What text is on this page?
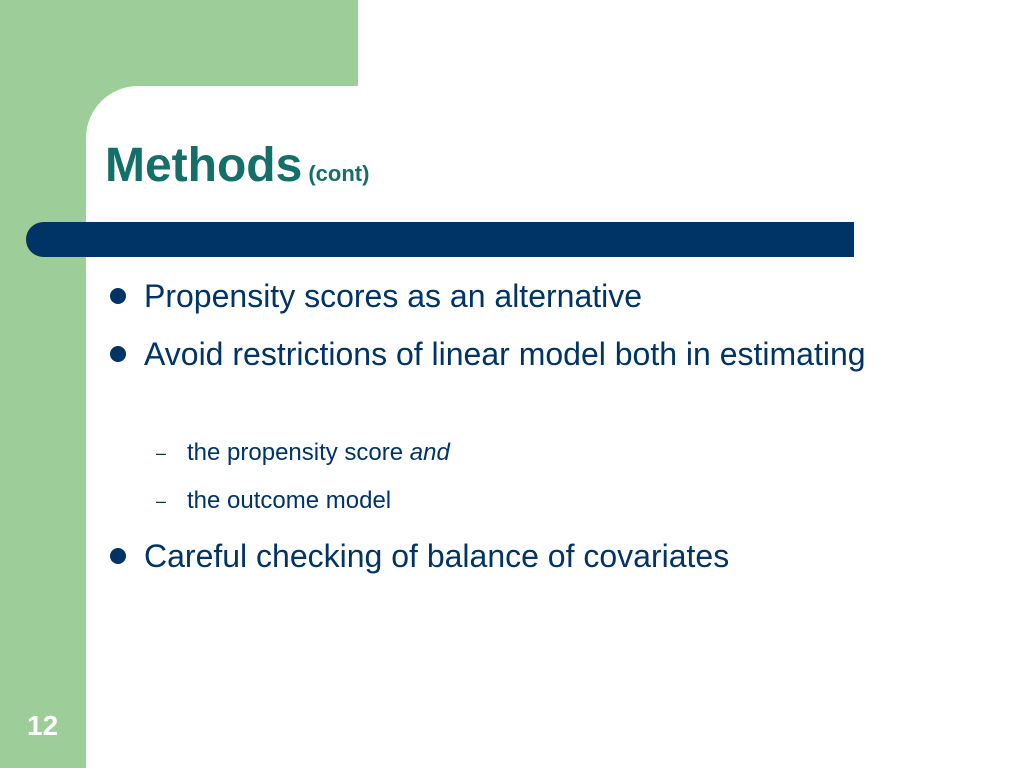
Methods (cont)
Propensity scores as an alternative
Avoid restrictions of linear model both in estimating
– the propensity score and
– the outcome model
Careful checking of balance of covariates
12
